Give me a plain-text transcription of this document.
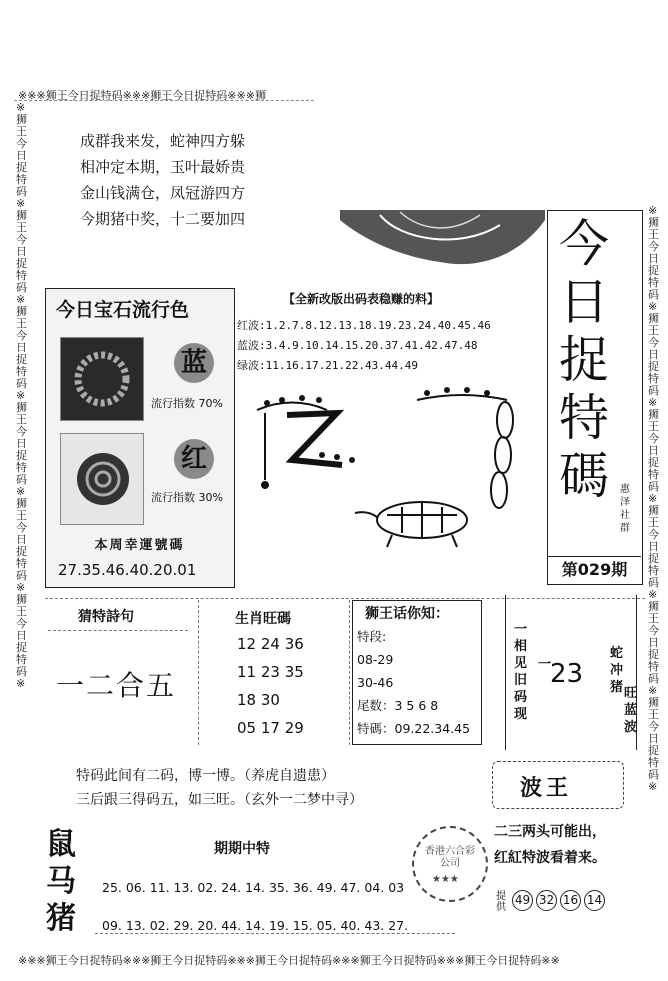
※※※狮王今日捉特码※※※狮王今日捉特码※※※狮
※狮王今日捉特码※狮王今日捉特码※狮王今日捉特码※狮王今日捉特码※狮王今日捉特码※狮王今日捉特码※
※狮王今日捉特码※狮王今日捉特码※狮王今日捉特码※狮王今日捉特码※狮王今日捉特码※狮王今日捉特码※
※※※狮王今日捉特码※※※狮王今日捉特码※※※狮王今日捉特码※※※狮王今日捉特码※※※狮王今日捉特码※※
成群我来发，蛇神四方躲
相冲定本期，玉叶最娇贵
金山钱满仓，凤冠游四方
今期猪中奖，十二要加四	今
日
捉
特
碼	惠泽社群
第029期
今日宝石流行色
蓝
流行指数 70%
红
流行指数 30%
本周幸運號碼
27.35.46.40.20.01
【全新改版出码表稳赚的料】
红波:1.2.7.8.12.13.18.19.23.24.40.45.46
蓝波:3.4.9.10.14.15.20.37.41.42.47.48
绿波:11.16.17.21.22.43.44.49
猜特詩句
一二合五
生肖旺碼
12 24 36
11 23 35
18 30
05 17 29
狮王话你知：
特段:
08-29
30-46
尾数：3 5 6 8
特碼：09.22.34.45
一相见旧码现
一
23
蛇冲猪 旺蓝波
特码此间有二码，博一博。（养虎自遗患）
三后跟三得码五，如三旺。（玄外一二梦中寻）	波王
二三两头可能出，
红紅特波看着来。
提供
49 32 16 14
香港六合彩公司
★★★
鼠马猪
期期中特
25. 06. 11. 13. 02. 24. 14. 35. 36. 49. 47. 04. 03
09. 13. 02. 29. 20. 44. 14. 19. 15. 05. 40. 43. 27.
